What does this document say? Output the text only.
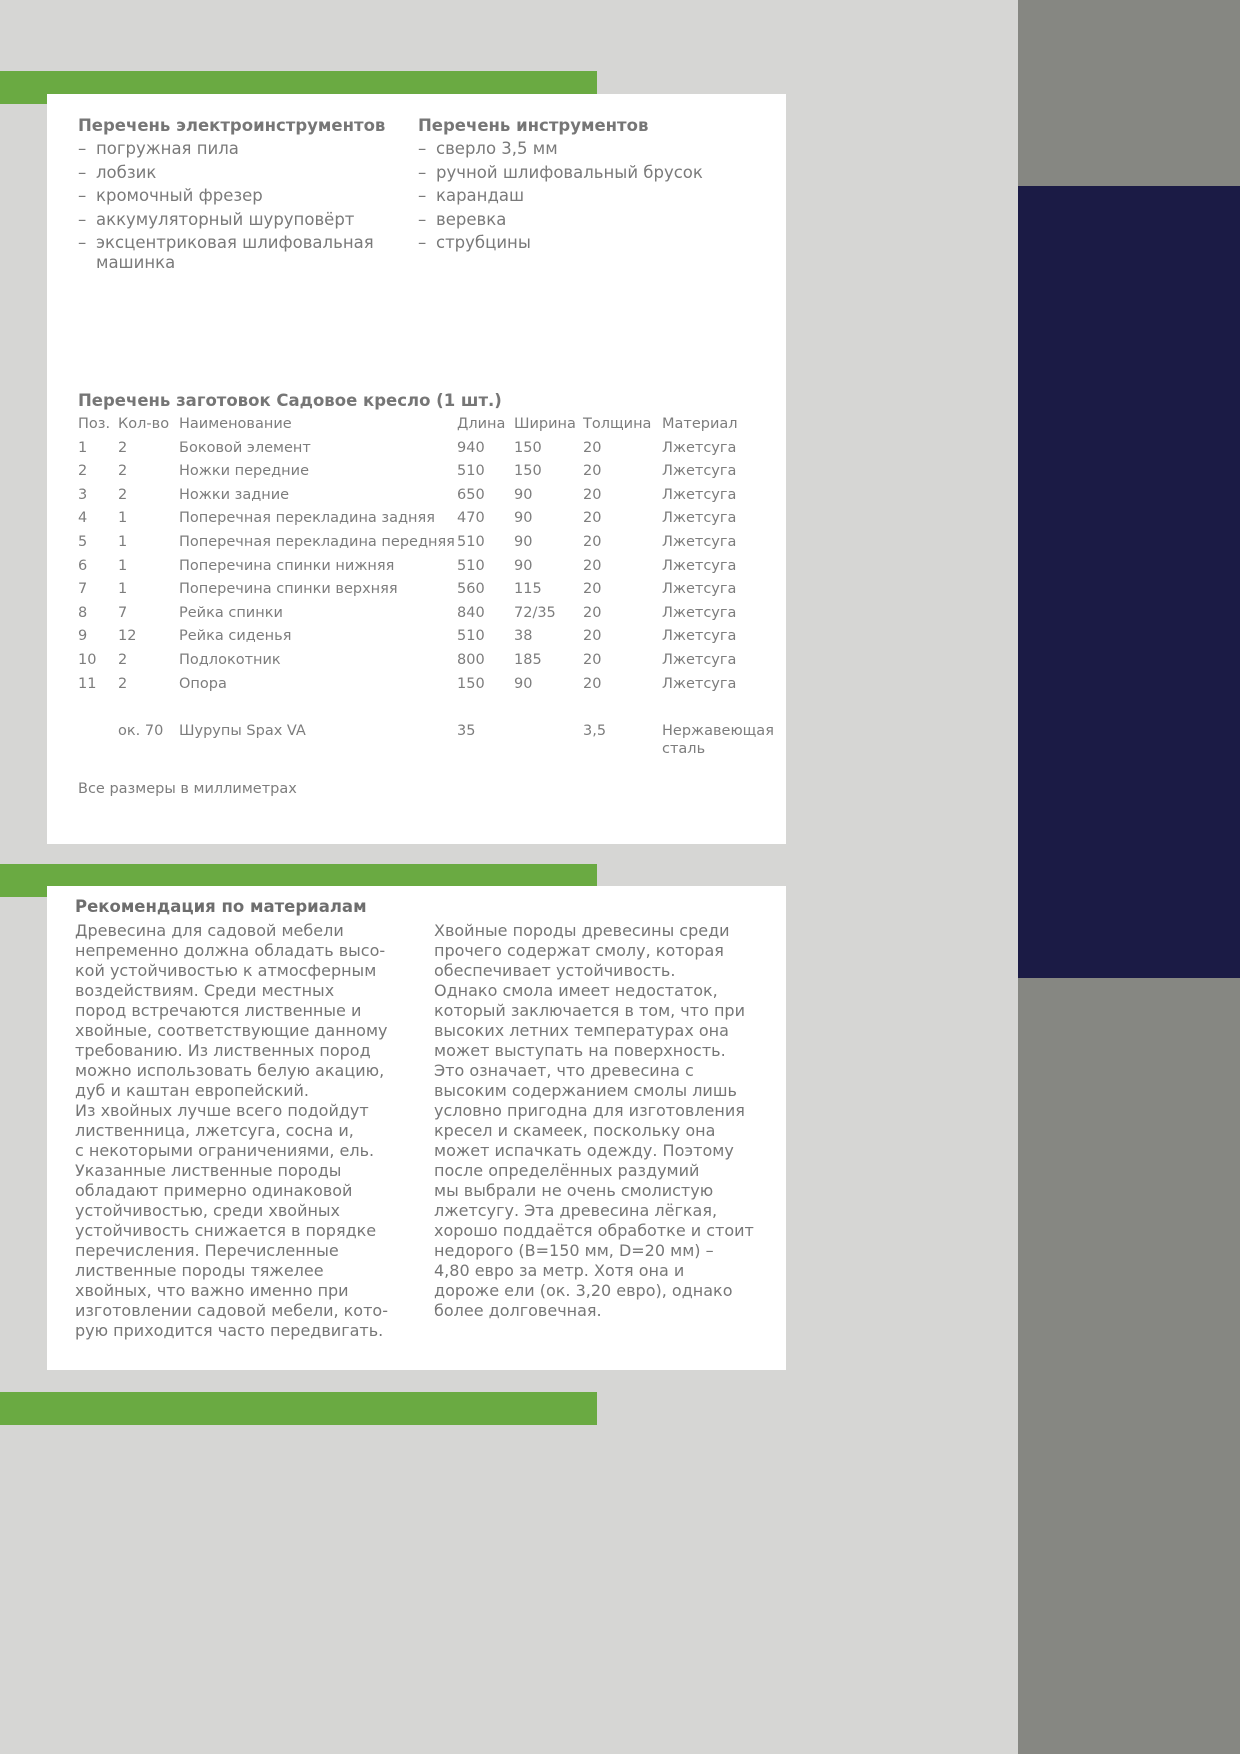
Перечень электроинструментов
– погружная пила
– лобзик
– кромочный фрезер
– аккумуляторный шуруповёрт
– эксцентриковая шлифовальная машинка
Перечень инструментов
– сверло 3,5 мм
– ручной шлифовальный брусок
– карандаш
– веревка
– струбцины
Перечень заготовок Садовое кресло (1 шт.)
Поз.	Кол-во	Наименование	Длина	Ширина	Толщина	Материал
1	2	Боковой элемент	940	150	20	Лжетсуга
2	2	Ножки передние	510	150	20	Лжетсуга
3	2	Ножки задние	650	90	20	Лжетсуга
4	1	Поперечная перекладина задняя	470	90	20	Лжетсуга
5	1	Поперечная перекладина передняя	510	90	20	Лжетсуга
6	1	Поперечина спинки нижняя	510	90	20	Лжетсуга
7	1	Поперечина спинки верхняя	560	115	20	Лжетсуга
8	7	Рейка спинки	840	72/35	20	Лжетсуга
9	12	Рейка сиденья	510	38	20	Лжетсуга
10	2	Подлокотник	800	185	20	Лжетсуга
11	2	Опора	150	90	20	Лжетсуга

	ок. 70	Шурупы Spax VA	35		3,5	Нержавеющая
сталь

Все размеры в миллиметрах

Рекомендация по материалам

Древесина для садовой мебели
непременно должна обладать высо-
кой устойчивостью к атмосферным
воздействиям. Среди местных
пород встречаются лиственные и
хвойные, соответствующие данному
требованию. Из лиственных пород
можно использовать белую акацию,
дуб и каштан европейский.
Из хвойных лучше всего подойдут
лиственница, лжетсуга, сосна и,
с некоторыми ограничениями, ель.
Указанные лиственные породы
обладают примерно одинаковой
устойчивостью, среди хвойных
устойчивость снижается в порядке
перечисления. Перечисленные
лиственные породы тяжелее
хвойных, что важно именно при
изготовлении садовой мебели, кото-
рую приходится часто передвигать.

Хвойные породы древесины среди
прочего содержат смолу, которая
обеспечивает устойчивость.
Однако смола имеет недостаток,
который заключается в том, что при
высоких летних температурах она
может выступать на поверхность.
Это означает, что древесина с
высоким содержанием смолы лишь
условно пригодна для изготовления
кресел и скамеек, поскольку она
может испачкать одежду. Поэтому
после определённых раздумий
мы выбрали не очень смолистую
лжетсугу. Эта древесина лёгкая,
хорошо поддаётся обработке и стоит
недорого (B=150 мм, D=20 мм) –
4,80 евро за метр. Хотя она и
дороже ели (ок. 3,20 евро), однако
более долговечная.
